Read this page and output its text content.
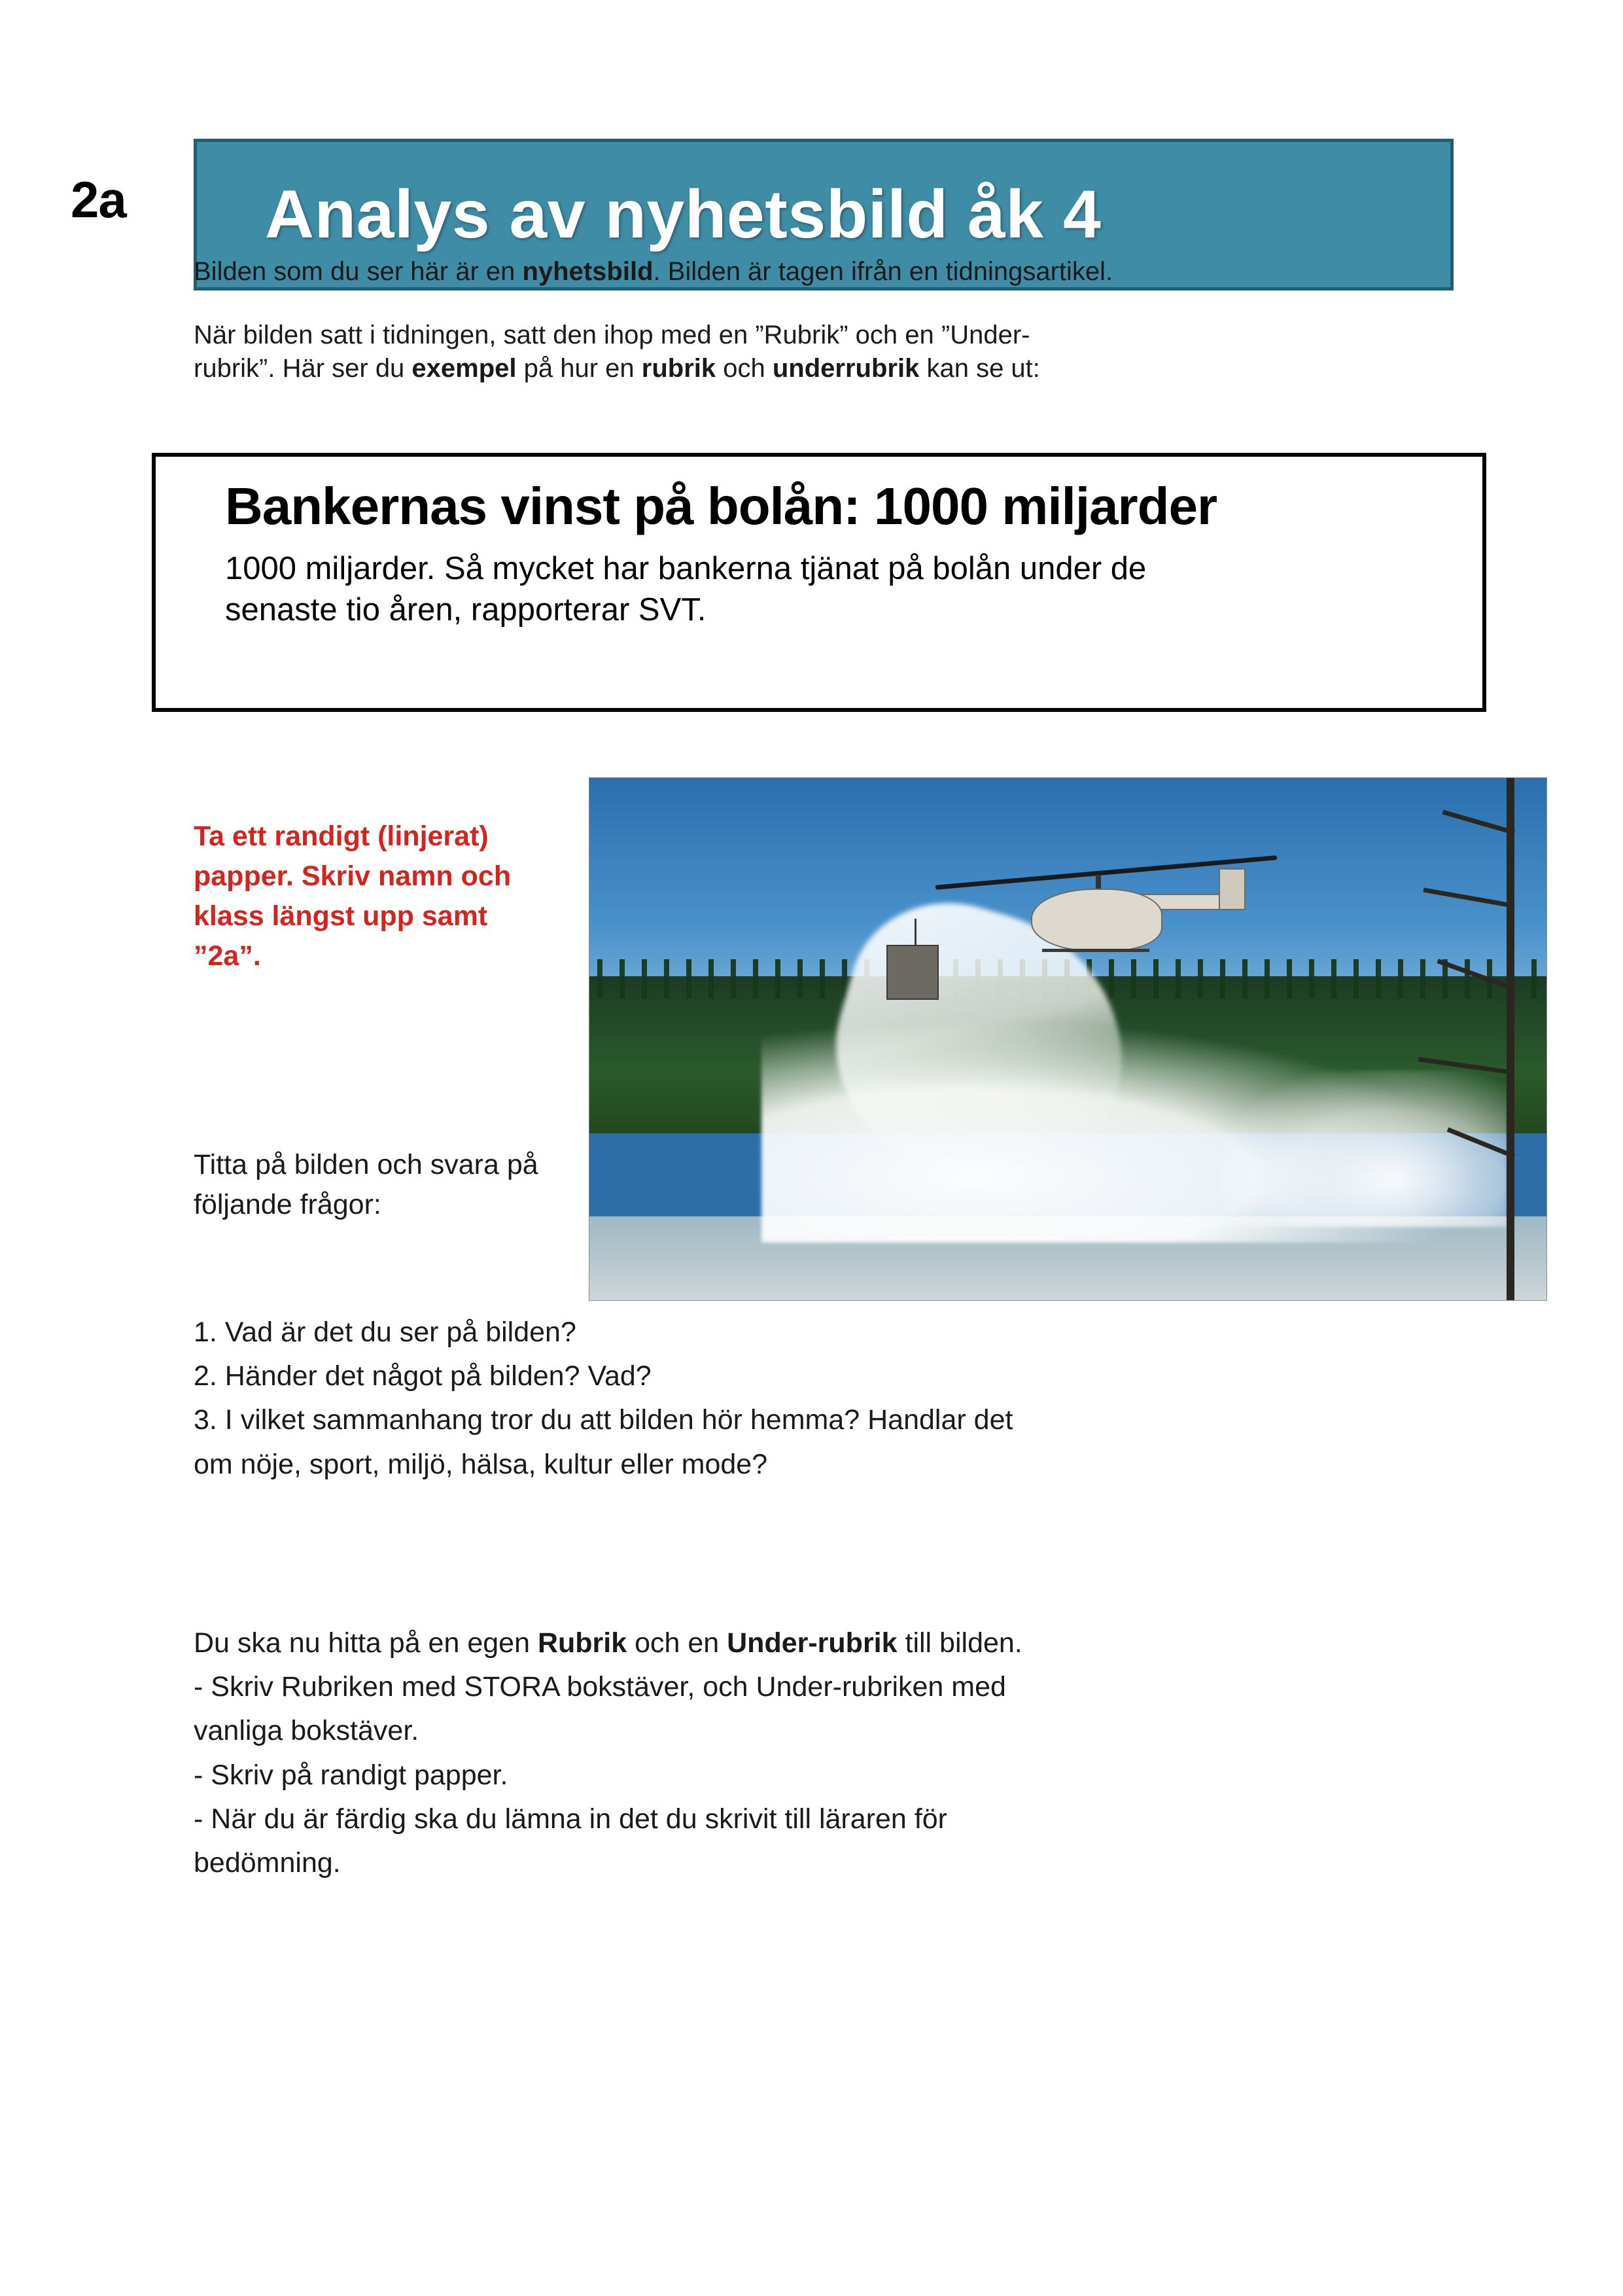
2a Analys av nyhetsbild åk 4

Bilden som du ser här är en nyhetsbild. Bilden är tagen ifrån en tidningsartikel.

När bilden satt i tidningen, satt den ihop med en ”Rubrik” och en ”Under-
rubrik”. Här ser du exempel på hur en rubrik och underrubrik kan se ut:

Bankernas vinst på bolån: 1000 miljarder
1000 miljarder. Så mycket har bankerna tjänat på bolån under de
senaste tio åren, rapporterar SVT.
Ta ett randigt (linjerat) papper. Skriv namn och klass längst upp samt ”2a”.
Titta på bilden och svara på följande frågor:

1. Vad är det du ser på bilden?

2. Händer det något på bilden? Vad?

3. I vilket sammanhang tror du att bilden hör hemma? Handlar det

om nöje, sport, miljö, hälsa, kultur eller mode?

Du ska nu hitta på en egen Rubrik och en Under-rubrik till bilden.

- Skriv Rubriken med STORA bokstäver, och Under-rubriken med

vanliga bokstäver.

- Skriv på randigt papper.

- När du är färdig ska du lämna in det du skrivit till läraren för

bedömning.
